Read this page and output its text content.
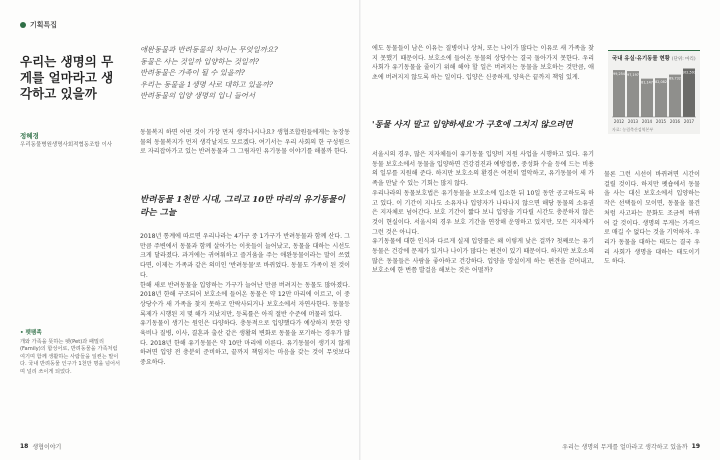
기획특집
우리는 생명의 무게를 얼마라고 생각하고 있을까
정혜경
우리동물병원생명사회적협동조합 이사
애완동물과 반려동물의 차이는 무엇일까요?
동물은 사는 것일까 입양하는 것일까?
반려동물은 가족이 될 수 있을까?
우리는 동물을 1생명 사로 대하고 있을까?
반려동물의 입양 생명의 입니 들어서
동물복지 하면 어떤 것이 가장 먼저 생각나시나요? 생협조합원들에게는 농장동물의 동물복지가 먼저 생각날지도 모르겠다. 여기서는 우리 사회의 한 구성원으로 자리잡아가고 있는 반려동물과 그 그림자인 유기동물 이야기를 해볼까 한다.
반려동물 1천만 시대, 그리고 10만 마리의 유기동물이라는 그늘

2018년 통계에 따르면 우리나라는 4가구 중 1가구가 반려동물과 함께 산다. 그만큼 주변에서 동물과 함께 살아가는 이웃들이 늘어났고, 동물을 대하는 시선도 크게 달라졌다. 과거에는 귀여워하고 즐거움을 주는 애완동물이라는 말이 쓰였다면, 이제는 가족과 같은 의미인 '반려동물'로 바뀌었다. 동물도 가족이 된 것이다.

한해 새로 반려동물을 입양하는 가구가 늘어난 만큼 버려지는 동물도 많아졌다. 2018년 한해 구조되어 보호소에 들어온 동물은 약 12만 마리에 이르고, 이 중 상당수가 새 가족을 찾지 못하고 안락사되거나 보호소에서 자연사한다. 동물등록제가 시행된 지 몇 해가 지났지만, 등록률은 아직 절반 수준에 머물러 있다.

유기동물이 생기는 원인은 다양하다. 충동적으로 입양했다가 예상하지 못한 양육비나 질병, 이사, 결혼과 출산 같은 생활의 변화로 동물을 포기하는 경우가 많다. 2018년 한해 유기동물은 약 10만 마리에 이른다. 유기동물이 생기지 않게 하려면 입양 전 충분히 준비하고, 끝까지 책임지는 마음을 갖는 것이 무엇보다 중요하다.

• 펫팸족
개와 가족을 뜻하는 펫(Pet)과 패밀리(Family)의 합성어로, 반려동물을 가족처럼 여기며 함께 생활하는 사람들을 일컫는 말이다. 국내 반려동물 인구가 1천만 명을 넘어서며 널리 쓰이게 되었다.
18 생협이야기
에도 동물들이 남은 이유는 질병이나 상처, 또는 나이가 많다는 이유로 새 가족을 찾지 못했기 때문이다. 보호소에 들어온 동물의 상당수는 결국 돌아가지 못한다. 우리 사회가 유기동물을 줄이기 위해 해야 할 일은 버려지는 동물을 보호하는 것만큼, 애초에 버려지지 않도록 하는 일이다. 입양은 신중하게, 양육은 끝까지 책임 있게.
'동물 사지 말고 입양하세요'가 구호에 그치지 않으려면

서울시의 경우, 많은 지자체들이 유기동물 입양비 지원 사업을 시행하고 있다. 유기동물 보호소에서 동물을 입양하면 건강검진과 예방접종, 중성화 수술 등에 드는 비용의 일부를 지원해 준다. 하지만 보호소의 환경은 여전히 열악하고, 유기동물이 새 가족을 만날 수 있는 기회는 많지 않다.

우리나라의 동물보호법은 유기동물을 보호소에 입소한 뒤 10일 동안 공고하도록 하고 있다. 이 기간이 지나도 소유자나 입양자가 나타나지 않으면 해당 동물의 소유권은 지자체로 넘어간다. 보호 기간이 짧다 보니 입양을 기다릴 시간도 충분하지 않은 것이 현실이다. 서울시의 경우 보호 기간을 연장해 운영하고 있지만, 모든 지자체가 그런 것은 아니다.

유기동물에 대한 인식과 다르게 실제 입양률은 왜 이렇게 낮은 걸까? 첫째로는 유기동물은 건강에 문제가 있거나 나이가 많다는 편견이 있기 때문이다. 하지만 보호소의 많은 동물들은 사람을 좋아하고 건강하다. 입양을 망설이게 하는 편견을 걷어내고, 보호소에 한 번쯤 발걸음 해보는 것은 어떨까?

물론 그런 시선이 바뀌려면 시간이 걸릴 것이다. 하지만 펫숍에서 동물을 사는 대신 보호소에서 입양하는 작은 선택들이 모이면, 동물을 물건처럼 사고파는 문화도 조금씩 바뀌어 갈 것이다. 생명의 무게는 가격으로 매길 수 없다는 것을 기억하자. 우리가 동물을 대하는 태도는 결국 우리 사회가 생명을 대하는 태도이기도 하다.
국내 유실·유기동물 현황 (단위: 마리)
99,254
2012
97,197
2013
81,147
2014
82,082
2015
89,732
2016
102,593
2017
자료: 농림축산검역본부
우리는 생명의 무게를 얼마라고 생각하고 있을까 19
